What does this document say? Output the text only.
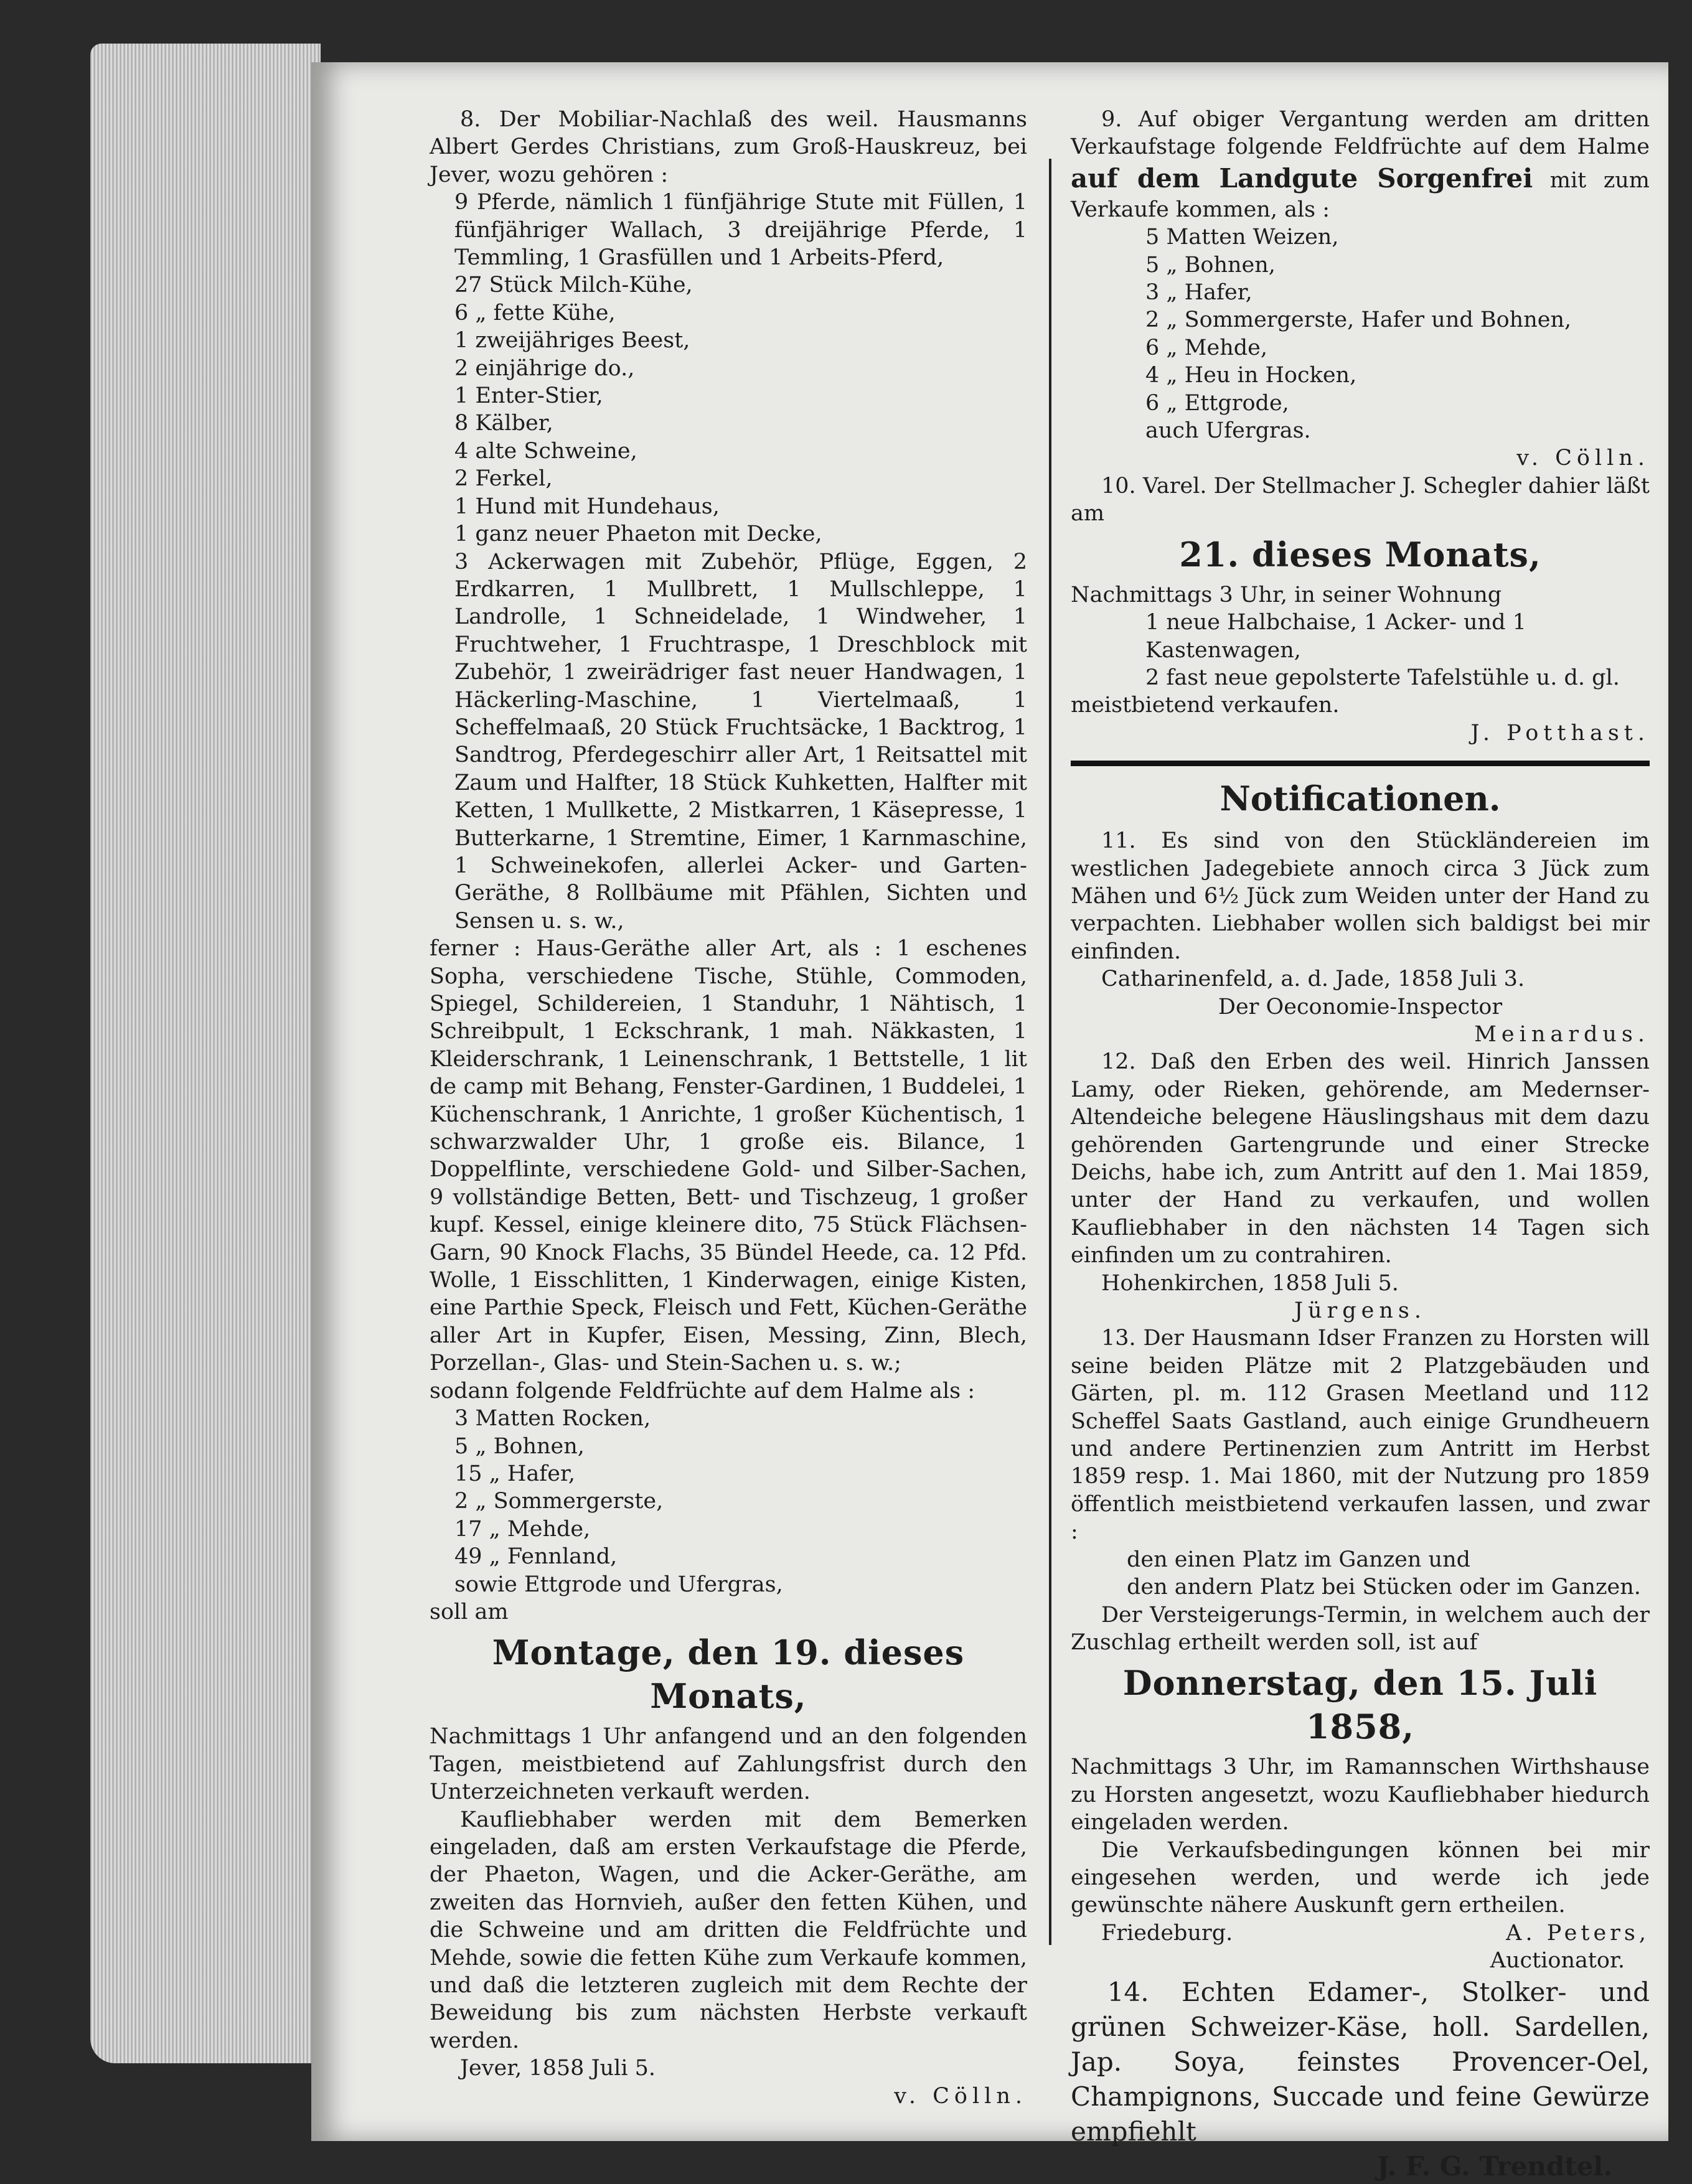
8. Der Mobiliar-Nachlaß des weil. Hausmanns Albert Gerdes Christians, zum Groß-Hauskreuz, bei Jever, wozu gehören :

9 Pferde, nämlich 1 fünfjährige Stute mit Füllen, 1 fünfjähriger Wallach, 3 dreijährige Pferde, 1 Temmling, 1 Grasfüllen und 1 Arbeits-Pferd,
27 Stück Milch-Kühe,
6 „ fette Kühe,
1 zweijähriges Beest,
2 einjährige do.,
1 Enter-Stier,
8 Kälber,
4 alte Schweine,
2 Ferkel,
1 Hund mit Hundehaus,
1 ganz neuer Phaeton mit Decke,
3 Ackerwagen mit Zubehör, Pflüge, Eggen, 2 Erdkarren, 1 Mullbrett, 1 Mullschleppe, 1 Landrolle, 1 Schneidelade, 1 Windweher, 1 Fruchtweher, 1 Fruchtraspe, 1 Dreschblock mit Zubehör, 1 zweirädriger fast neuer Handwagen, 1 Häckerling-Maschine, 1 Viertelmaaß, 1 Scheffelmaaß, 20 Stück Fruchtsäcke, 1 Backtrog, 1 Sandtrog, Pferdegeschirr aller Art, 1 Reitsattel mit Zaum und Halfter, 18 Stück Kuhketten, Halfter mit Ketten, 1 Mullkette, 2 Mistkarren, 1 Käsepresse, 1 Butterkarne, 1 Stremtine, Eimer, 1 Karnmaschine, 1 Schweinekofen, allerlei Acker- und Garten-Geräthe, 8 Rollbäume mit Pfählen, Sichten und Sensen u. s. w.,

ferner : Haus-Geräthe aller Art, als : 1 eschenes Sopha, verschiedene Tische, Stühle, Commoden, Spiegel, Schildereien, 1 Standuhr, 1 Nähtisch, 1 Schreibpult, 1 Eckschrank, 1 mah. Näkkasten, 1 Kleiderschrank, 1 Leinenschrank, 1 Bettstelle, 1 lit de camp mit Behang, Fenster-Gardinen, 1 Buddelei, 1 Küchenschrank, 1 Anrichte, 1 großer Küchentisch, 1 schwarzwalder Uhr, 1 große eis. Bilance, 1 Doppelflinte, verschiedene Gold- und Silber-Sachen, 9 vollständige Betten, Bett- und Tischzeug, 1 großer kupf. Kessel, einige kleinere dito, 75 Stück Flächsen-Garn, 90 Knock Flachs, 35 Bündel Heede, ca. 12 Pfd. Wolle, 1 Eisschlitten, 1 Kinderwagen, einige Kisten, eine Parthie Speck, Fleisch und Fett, Küchen-Geräthe aller Art in Kupfer, Eisen, Messing, Zinn, Blech, Porzellan-, Glas- und Stein-Sachen u. s. w.;

sodann folgende Feldfrüchte auf dem Halme als :

3 Matten Rocken,
5 „ Bohnen,
15 „ Hafer,
2 „ Sommergerste,
17 „ Mehde,
49 „ Fennland,
sowie Ettgrode und Ufergras,

soll am

Montage, den 19. dieses Monats,

Nachmittags 1 Uhr anfangend und an den folgenden Tagen, meistbietend auf Zahlungsfrist durch den Unterzeichneten verkauft werden.

Kaufliebhaber werden mit dem Bemerken eingeladen, daß am ersten Verkaufstage die Pferde, der Phaeton, Wagen, und die Acker-Geräthe, am zweiten das Hornvieh, außer den fetten Kühen, und die Schweine und am dritten die Feldfrüchte und Mehde, sowie die fetten Kühe zum Verkaufe kommen, und daß die letzteren zugleich mit dem Rechte der Beweidung bis zum nächsten Herbste verkauft werden.

Jever, 1858 Juli 5.

v. Cölln.

9. Auf obiger Vergantung werden am dritten Verkaufstage folgende Feldfrüchte auf dem Halme auf dem Landgute Sorgenfrei mit zum Verkaufe kommen, als :

5 Matten Weizen,
5 „ Bohnen,
3 „ Hafer,
2 „ Sommergerste, Hafer und Bohnen,
6 „ Mehde,
4 „ Heu in Hocken,
6 „ Ettgrode,
auch Ufergras.

v. Cölln.

10. Varel. Der Stellmacher J. Schegler dahier läßt am

21. dieses Monats,

Nachmittags 3 Uhr, in seiner Wohnung

1 neue Halbchaise, 1 Acker- und 1 Kastenwagen,
2 fast neue gepolsterte Tafelstühle u. d. gl.

meistbietend verkaufen.

J. Potthast.

Notificationen.

11. Es sind von den Stückländereien im westlichen Jadegebiete annoch circa 3 Jück zum Mähen und 6½ Jück zum Weiden unter der Hand zu verpachten. Liebhaber wollen sich baldigst bei mir einfinden.

Catharinenfeld, a. d. Jade, 1858 Juli 3.

Der Oeconomie-Inspector

Meinardus.

12. Daß den Erben des weil. Hinrich Janssen Lamy, oder Rieken, gehörende, am Medernser-Altendeiche belegene Häuslingshaus mit dem dazu gehörenden Gartengrunde und einer Strecke Deichs, habe ich, zum Antritt auf den 1. Mai 1859, unter der Hand zu verkaufen, und wollen Kaufliebhaber in den nächsten 14 Tagen sich einfinden um zu contrahiren.

Hohenkirchen, 1858 Juli 5.

Jürgens.

13. Der Hausmann Idser Franzen zu Horsten will seine beiden Plätze mit 2 Platzgebäuden und Gärten, pl. m. 112 Grasen Meetland und 112 Scheffel Saats Gastland, auch einige Grundheuern und andere Pertinenzien zum Antritt im Herbst 1859 resp. 1. Mai 1860, mit der Nutzung pro 1859 öffentlich meistbietend verkaufen lassen, und zwar :

den einen Platz im Ganzen und
den andern Platz bei Stücken oder im Ganzen.

Der Versteigerungs-Termin, in welchem auch der Zuschlag ertheilt werden soll, ist auf

Donnerstag, den 15. Juli 1858,

Nachmittags 3 Uhr, im Ramannschen Wirthshause zu Horsten angesetzt, wozu Kaufliebhaber hiedurch eingeladen werden.

Die Verkaufsbedingungen können bei mir eingesehen werden, und werde ich jede gewünschte nähere Auskunft gern ertheilen.

Friedeburg.	A. Peters,

Auctionator.

14. Echten Edamer-, Stolker- und grünen Schweizer-Käse, holl. Sardellen, Jap. Soya, feinstes Provencer-Oel, Champignons, Succade und feine Gewürze empfiehlt

J. F. G. Trendtel.
